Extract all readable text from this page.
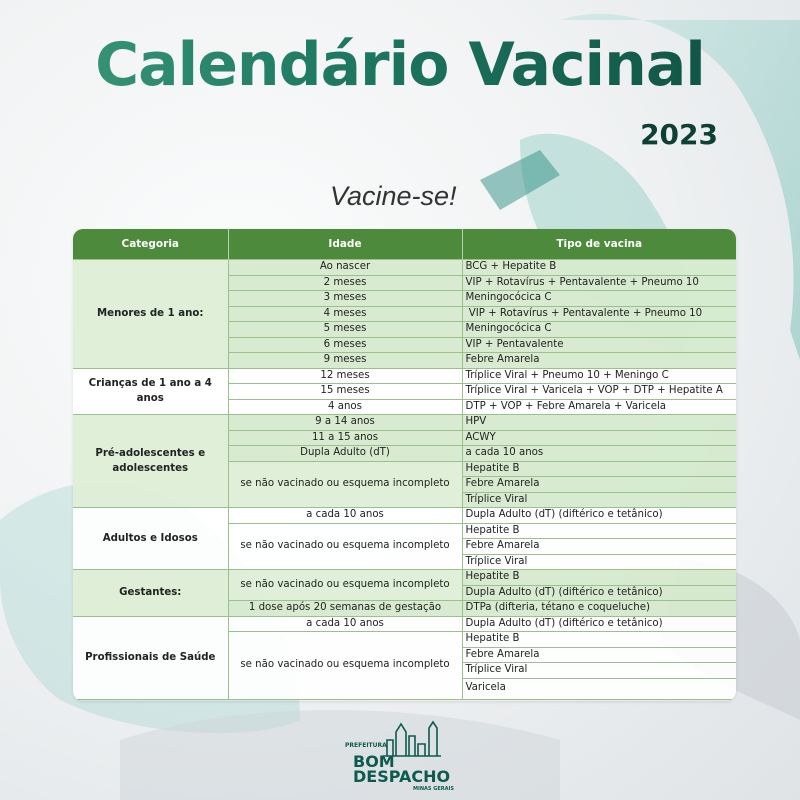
Calendário Vacinal
2023
Vacine-se!
Categoria	Idade	Tipo de vacina
Menores de 1 ano:	Ao nascer	BCG + Hepatite B
	2 meses	VIP + Rotavírus + Pentavalente + Pneumo 10
	3 meses	Meningocócica C
	4 meses	VIP + Rotavírus + Pentavalente + Pneumo 10
	5 meses	Meningocócica C
	6 meses	VIP + Pentavalente
	9 meses	Febre Amarela
Crianças de 1 ano a 4 anos	12 meses	Tríplice Viral + Pneumo 10 + Meningo C
	15 meses	Tríplice Viral + Varicela + VOP + DTP + Hepatite A
	4 anos	DTP + VOP + Febre Amarela + Varicela
Pré-adolescentes e adolescentes	9 a 14 anos	HPV
	11 a 15 anos	ACWY
	Dupla Adulto (dT)	a cada 10 anos
	se não vacinado ou esquema incompleto	Hepatite B
		Febre Amarela
		Tríplice Viral
Adultos e Idosos	a cada 10 anos	Dupla Adulto (dT) (diftérico e tetânico)
	se não vacinado ou esquema incompleto	Hepatite B
		Febre Amarela
		Tríplice Viral
Gestantes:	se não vacinado ou esquema incompleto	Hepatite B
		Dupla Adulto (dT) (diftérico e tetânico)
	1 dose após 20 semanas de gestação	DTPa (difteria, tétano e coqueluche)
Profissionais de Saúde	a cada 10 anos	Dupla Adulto (dT) (diftérico e tetânico)
	se não vacinado ou esquema incompleto	Hepatite B
		Febre Amarela
		Tríplice Viral
		Varicela
PREFEITURA
BOM
DESPACHO
MINAS GERAIS
